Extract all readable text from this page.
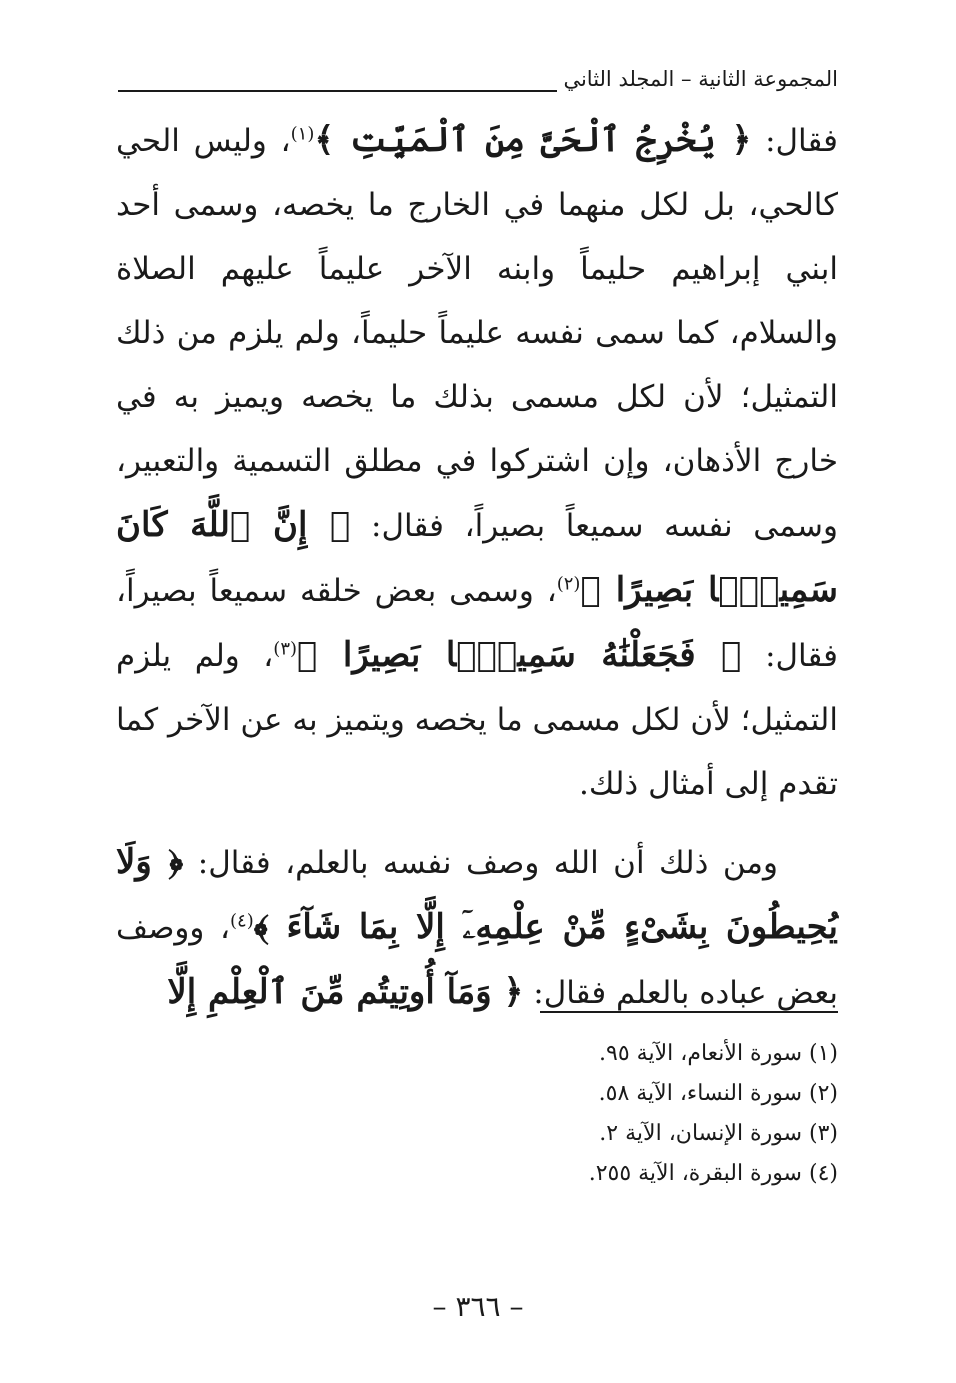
المجموعة الثانية – المجلد الثاني

فقال: ﴿ يُخْرِجُ ٱلْحَىَّ مِنَ ٱلْمَيِّتِ ﴾$^{(١)}$، وليس الحي كالحي، بل لكل منهما في الخارج ما يخصه، وسمى أحد ابني إبراهيم حليماً وابنه الآخر عليماً عليهم الصلاة والسلام، كما سمى نفسه عليماً حليماً، ولم يلزم من ذلك التمثيل؛ لأن لكل مسمى بذلك ما يخصه ويميز به في خارج الأذهان، وإن اشتركوا في مطلق التسمية والتعبير، وسمى نفسه سميعاً بصيراً، فقال: ﴿ إِنَّ ٱللَّهَ كَانَ سَمِيعًۢا بَصِيرًا ﴾$^{(٢)}$، وسمى بعض خلقه سميعاً بصيراً، فقال: ﴿ فَجَعَلْنَٰهُ سَمِيعًۢا بَصِيرًا ﴾$^{(٣)}$، ولم يلزم التمثيل؛ لأن لكل مسمى ما يخصه ويتميز به عن الآخر كما تقدم إلى أمثال ذلك.

ومن ذلك أن الله وصف نفسه بالعلم، فقال: ﴿ وَلَا يُحِيطُونَ بِشَىْءٍ مِّنْ عِلْمِهِۦٓ إِلَّا بِمَا شَآءَ ﴾$^{(٤)}$، ووصف بعض عباده بالعلم فقال: ﴿ وَمَآ أُوتِيتُم مِّنَ ٱلْعِلْمِ إِلَّا

(١) سورة الأنعام، الآية ٩٥.
(٢) سورة النساء، الآية ٥٨.
(٣) سورة الإنسان، الآية ٢.
(٤) سورة البقرة، الآية ٢٥٥.
– ٣٦٦ –
